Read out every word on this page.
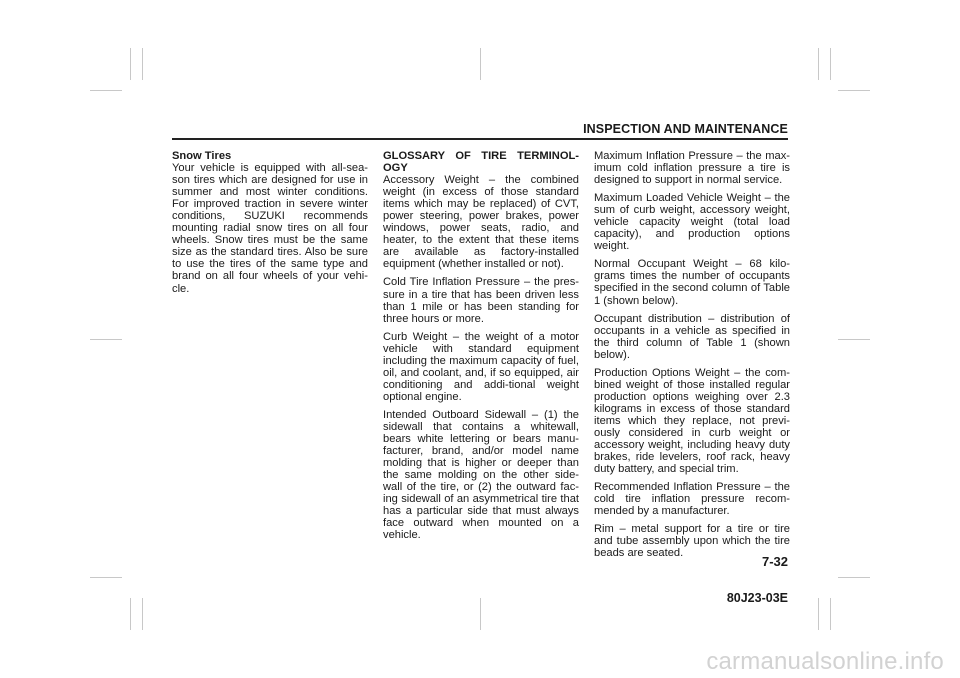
INSPECTION AND MAINTENANCE

Snow Tires

Your vehicle is equipped with all-sea-son tires which are designed for use in summer and most winter conditions. For improved traction in severe winter conditions, SUZUKI recommends mounting radial snow tires on all four wheels. Snow tires must be the same size as the standard tires. Also be sure to use the tires of the same type and brand on all four wheels of your vehi-cle.

GLOSSARY OF TIRE TERMINOL-OGY

Accessory Weight – the combined weight (in excess of those standard items which may be replaced) of CVT, power steering, power brakes, power windows, power seats, radio, and heater, to the extent that these items are available as factory-installed equipment (whether installed or not).

Cold Tire Inflation Pressure – the pres-sure in a tire that has been driven less than 1 mile or has been standing for three hours or more.

Curb Weight – the weight of a motor vehicle with standard equipment including the maximum capacity of fuel, oil, and coolant, and, if so equipped, air conditioning and addi-tional weight optional engine.

Intended Outboard Sidewall – (1) the sidewall that contains a whitewall, bears white lettering or bears manu-facturer, brand, and/or model name molding that is higher or deeper than the same molding on the other side-wall of the tire, or (2) the outward fac-ing sidewall of an asymmetrical tire that has a particular side that must always face outward when mounted on a vehicle.

Maximum Inflation Pressure – the max-imum cold inflation pressure a tire is designed to support in normal service.

Maximum Loaded Vehicle Weight – the sum of curb weight, accessory weight, vehicle capacity weight (total load capacity), and production options weight.

Normal Occupant Weight – 68 kilo-grams times the number of occupants specified in the second column of Table 1 (shown below).

Occupant distribution – distribution of occupants in a vehicle as specified in the third column of Table 1 (shown below).

Production Options Weight – the com-bined weight of those installed regular production options weighing over 2.3 kilograms in excess of those standard items which they replace, not previ-ously considered in curb weight or accessory weight, including heavy duty brakes, ride levelers, roof rack, heavy duty battery, and special trim.

Recommended Inflation Pressure – the cold tire inflation pressure recom-mended by a manufacturer.

Rim – metal support for a tire or tire and tube assembly upon which the tire beads are seated.

7-32
80J23-03E
carmanualsonline.info
